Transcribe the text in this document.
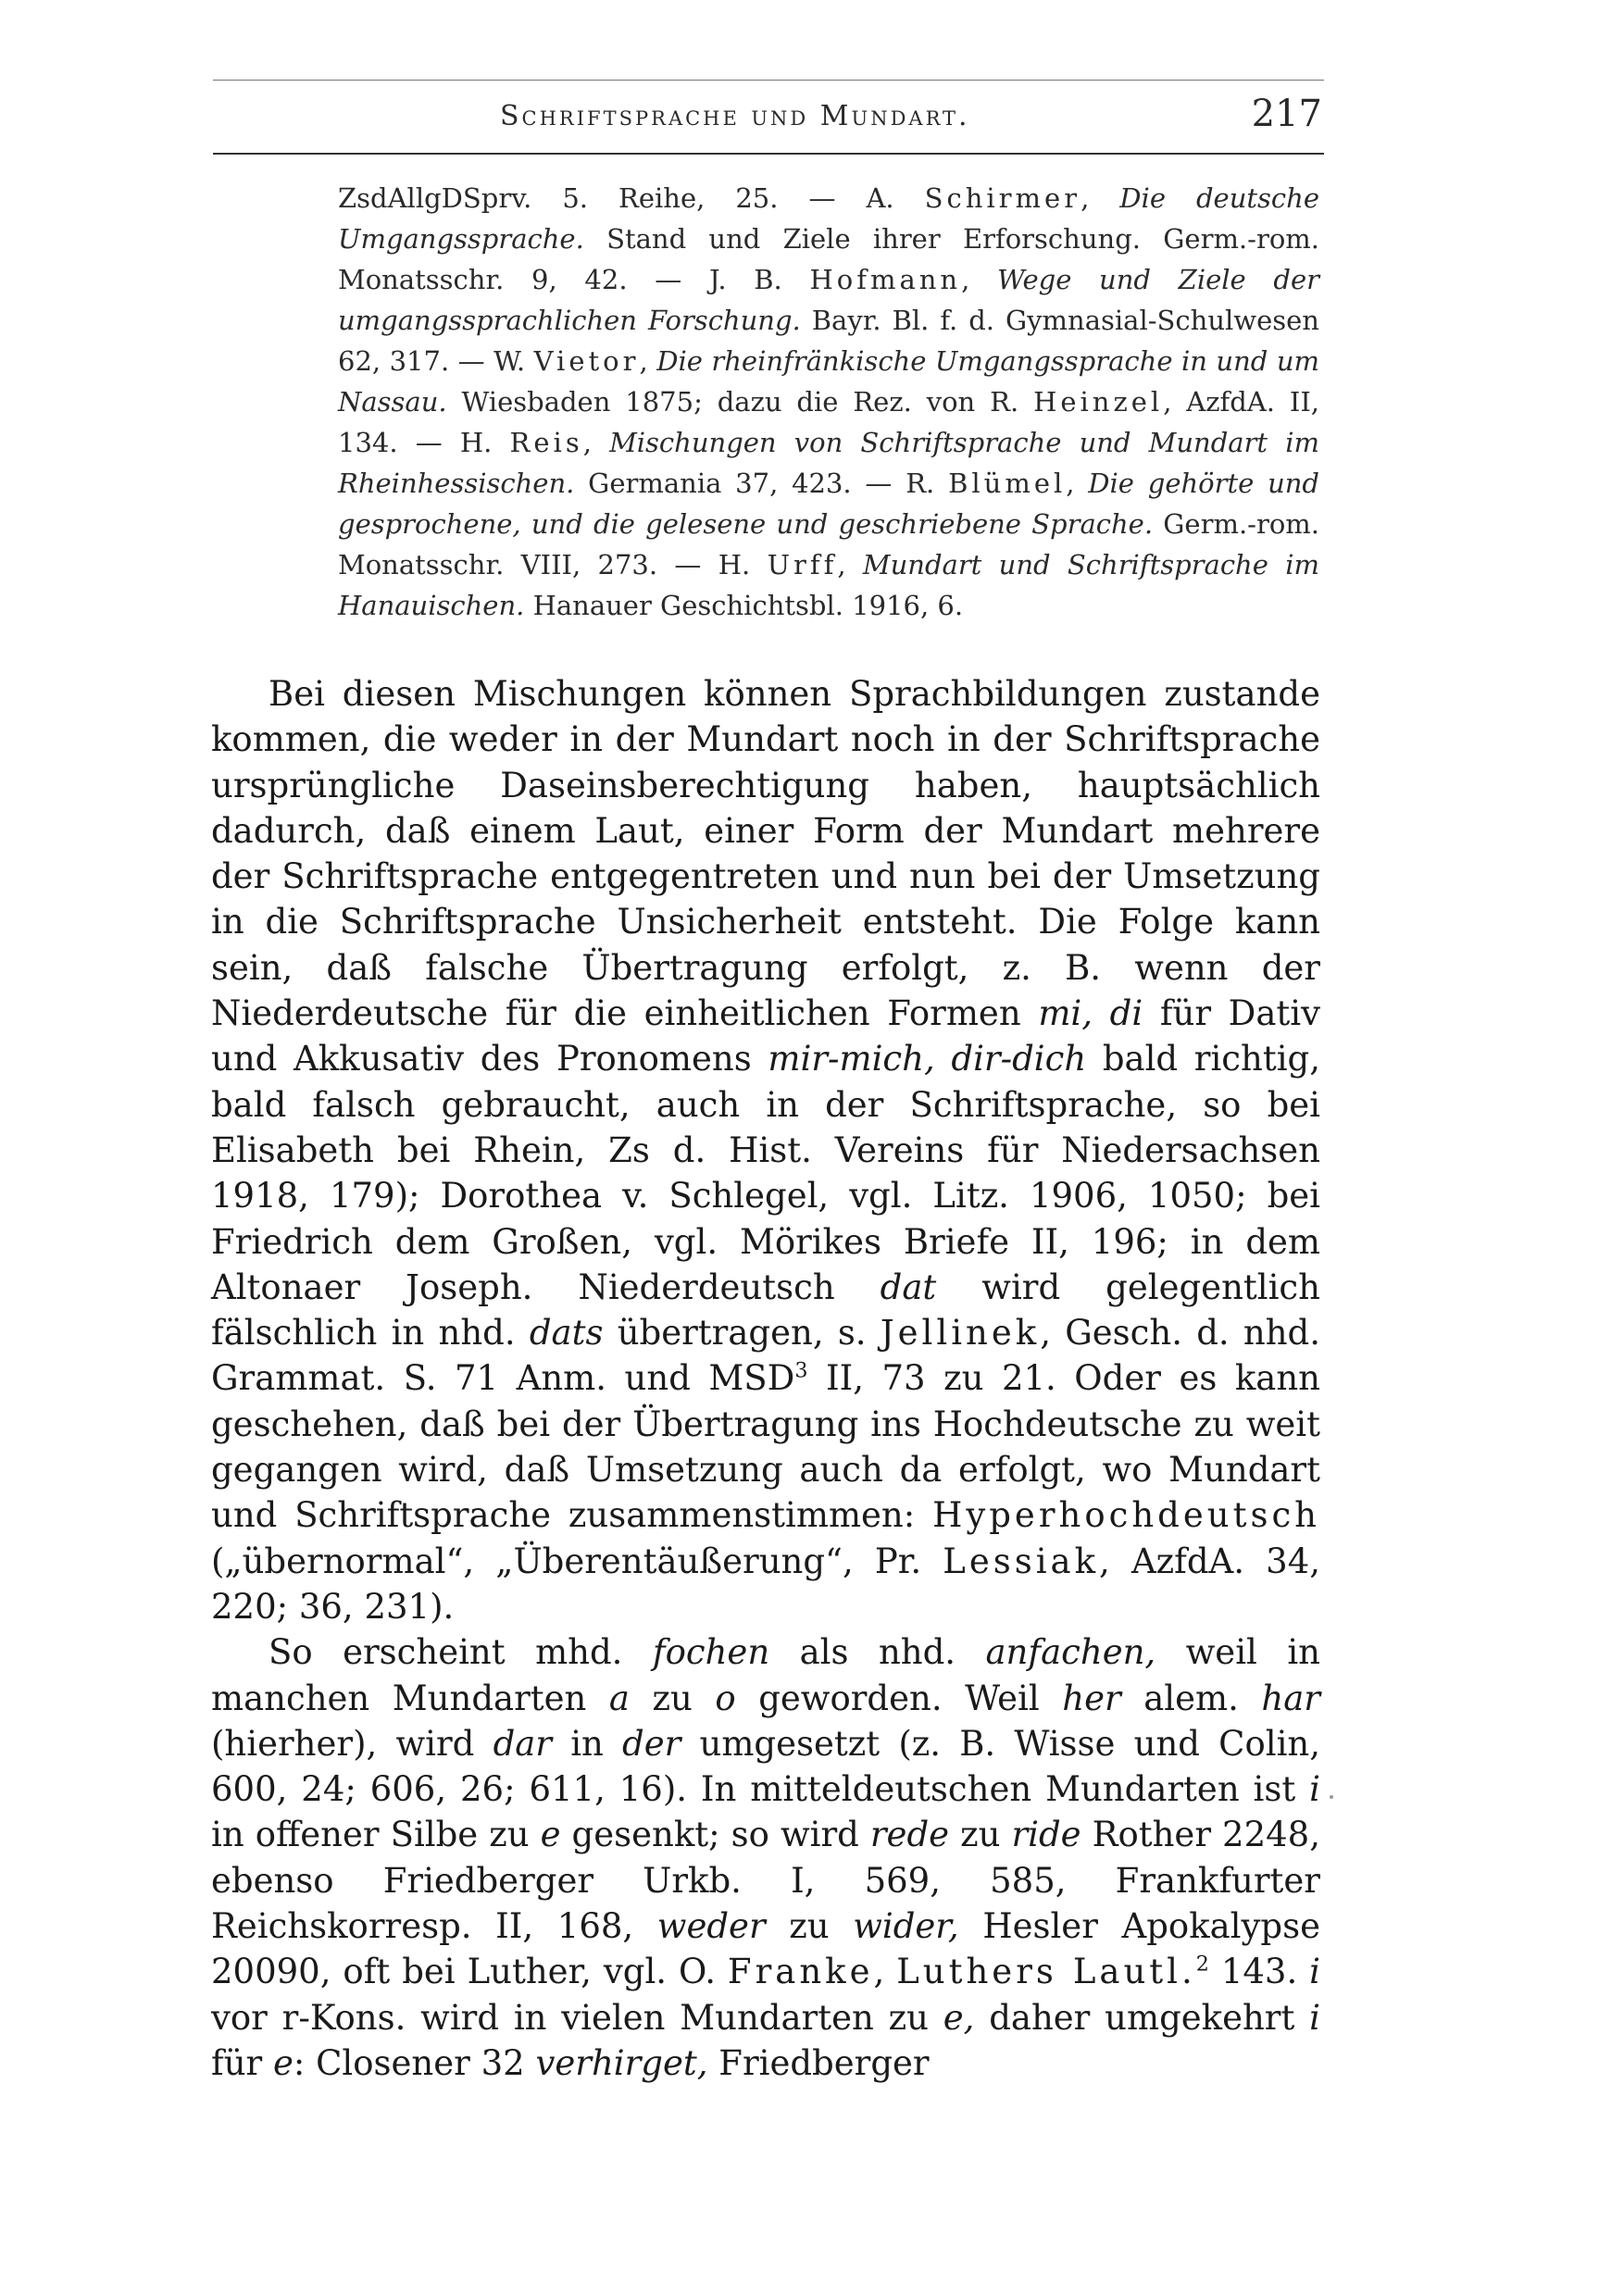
Schriftsprache und Mundart.	217
ZsdAllgDSprv. 5. Reihe, 25. — A. Schirmer, Die deutsche Umgangssprache. Stand und Ziele ihrer Erforschung. Germ.-rom. Monatsschr. 9, 42. — J. B. Hofmann, Wege und Ziele der umgangssprachlichen Forschung. Bayr. Bl. f. d. Gymnasial-Schulwesen 62, 317. — W. Vietor, Die rheinfränkische Umgangssprache in und um Nassau. Wiesbaden 1875; dazu die Rez. von R. Heinzel, AzfdA. II, 134. — H. Reis, Mischungen von Schriftsprache und Mundart im Rheinhessischen. Germania 37, 423. — R. Blümel, Die gehörte und gesprochene, und die gelesene und geschriebene Sprache. Germ.-rom. Monatsschr. VIII, 273. — H. Urff, Mundart und Schriftsprache im Hanauischen. Hanauer Geschichtsbl. 1916, 6.

Bei diesen Mischungen können Sprachbildungen zustande kommen, die weder in der Mundart noch in der Schriftsprache ursprüngliche Daseinsberechtigung haben, hauptsächlich dadurch, daß einem Laut, einer Form der Mundart mehrere der Schriftsprache entgegentreten und nun bei der Umsetzung in die Schriftsprache Unsicherheit entsteht. Die Folge kann sein, daß falsche Übertragung erfolgt, z. B. wenn der Niederdeutsche für die einheitlichen Formen mi, di für Dativ und Akkusativ des Pronomens mir-mich, dir-dich bald richtig, bald falsch gebraucht, auch in der Schriftsprache, so bei Elisabeth bei Rhein, Zs d. Hist. Vereins für Niedersachsen 1918, 179); Dorothea v. Schlegel, vgl. Litz. 1906, 1050; bei Friedrich dem Großen, vgl. Mörikes Briefe II, 196; in dem Altonaer Joseph. Niederdeutsch dat wird gelegentlich fälschlich in nhd. dats übertragen, s. Jellinek, Gesch. d. nhd. Grammat. S. 71 Anm. und MSD$^3$ II, 73 zu 21. Oder es kann geschehen, daß bei der Übertragung ins Hochdeutsche zu weit gegangen wird, daß Umsetzung auch da erfolgt, wo Mundart und Schriftsprache zusammenstimmen: Hyperhochdeutsch („übernormal“, „Überentäußerung“, Pr. Lessiak, AzfdA. 34, 220; 36, 231).

So erscheint mhd. fochen als nhd. anfachen, weil in manchen Mundarten a zu o geworden. Weil her alem. har (hierher), wird dar in der umgesetzt (z. B. Wisse und Colin, 600, 24; 606, 26; 611, 16). In mitteldeutschen Mundarten ist i in offener Silbe zu e gesenkt; so wird rede zu ride Rother 2248, ebenso Friedberger Urkb. I, 569, 585, Frankfurter Reichskorresp. II, 168, weder zu wider, Hesler Apokalypse 20090, oft bei Luther, vgl. O. Franke, Luthers Lautl.$^2$ 143. i vor r-Kons. wird in vielen Mundarten zu e, daher umgekehrt i für e: Closener 32 verhirget, Friedberger
